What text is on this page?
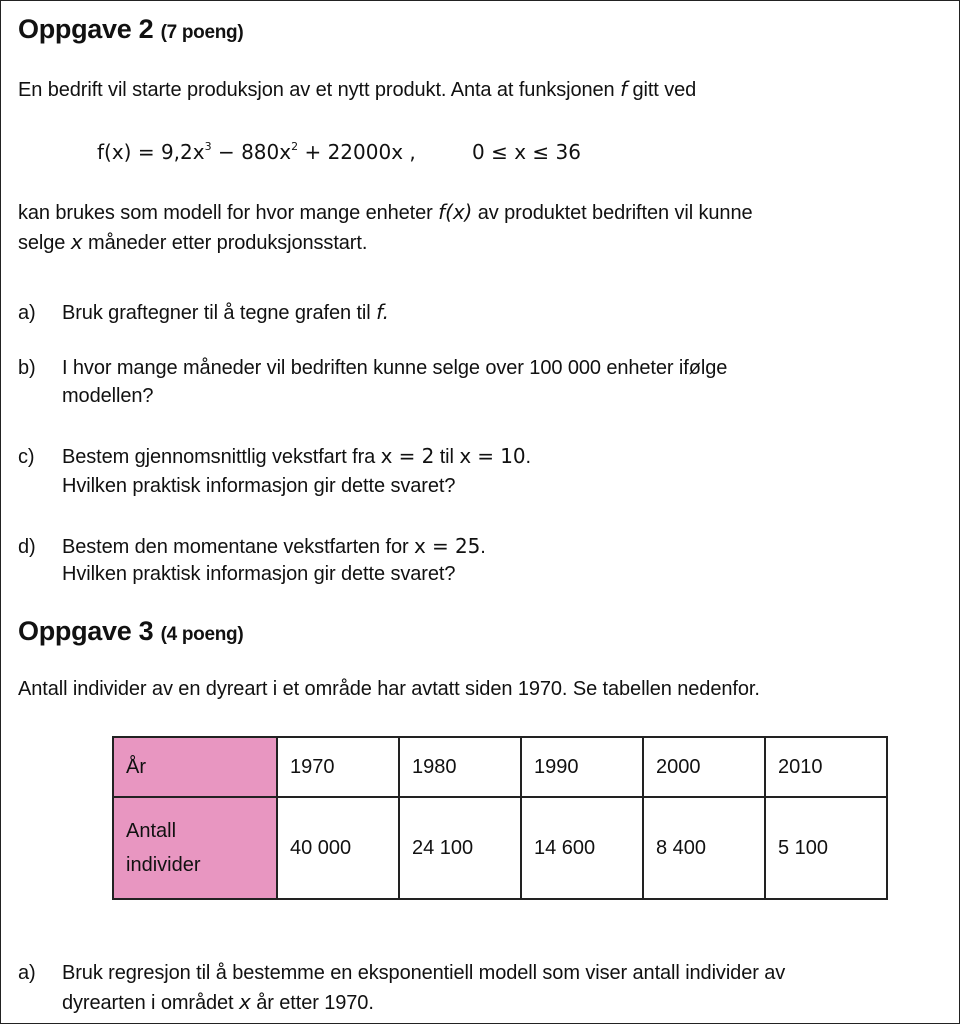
Oppgave 2 (7 poeng)
En bedrift vil starte produksjon av et nytt produkt. Anta at funksjonen f gitt ved
$f(x) = 9,2x^3 - 880x^2 + 22000x$ ,	0 ≤ x ≤ 36
kan brukes som modell for hvor mange enheter f(x) av produktet bedriften vil kunne
selge x måneder etter produksjonsstart.
a) Bruk graftegner til å tegne grafen til f.
b) I hvor mange måneder vil bedriften kunne selge over 100 000 enheter ifølge
modellen?
c) Bestem gjennomsnittlig vekstfart fra x = 2 til x = 10.
Hvilken praktisk informasjon gir dette svaret?
d) Bestem den momentane vekstfarten for x = 25.
Hvilken praktisk informasjon gir dette svaret?
Oppgave 3 (4 poeng)
Antall individer av en dyreart i et område har avtatt siden 1970. Se tabellen nedenfor.
År	1970	1980	1990	2000	2010

Antall
individer	40 000	24 100	14 600	8 400	5 100
a) Bruk regresjon til å bestemme en eksponentiell modell som viser antall individer av
dyrearten i området x år etter 1970.
